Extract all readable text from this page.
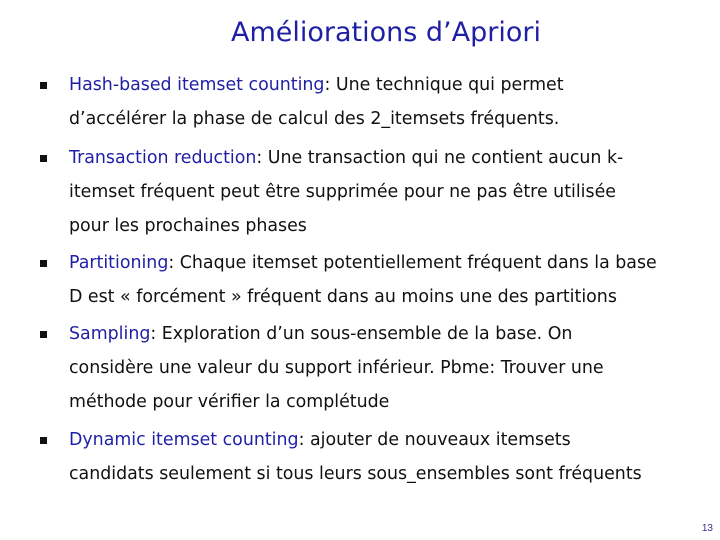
Améliorations d’Apriori
Hash-based itemset counting: Une technique qui permet
d’accélérer la phase de calcul des 2_itemsets fréquents.
Transaction reduction: Une transaction qui ne contient aucun k-
itemset fréquent peut être supprimée pour ne pas être utilisée
pour les prochaines phases
Partitioning: Chaque itemset potentiellement fréquent dans la base
D est « forcément » fréquent dans au moins une des partitions
Sampling: Exploration d’un sous-ensemble de la base. On
considère une valeur du support inférieur. Pbme: Trouver une
méthode pour vérifier la complétude
Dynamic itemset counting: ajouter de nouveaux itemsets
candidats seulement si tous leurs sous_ensembles sont fréquents
13
